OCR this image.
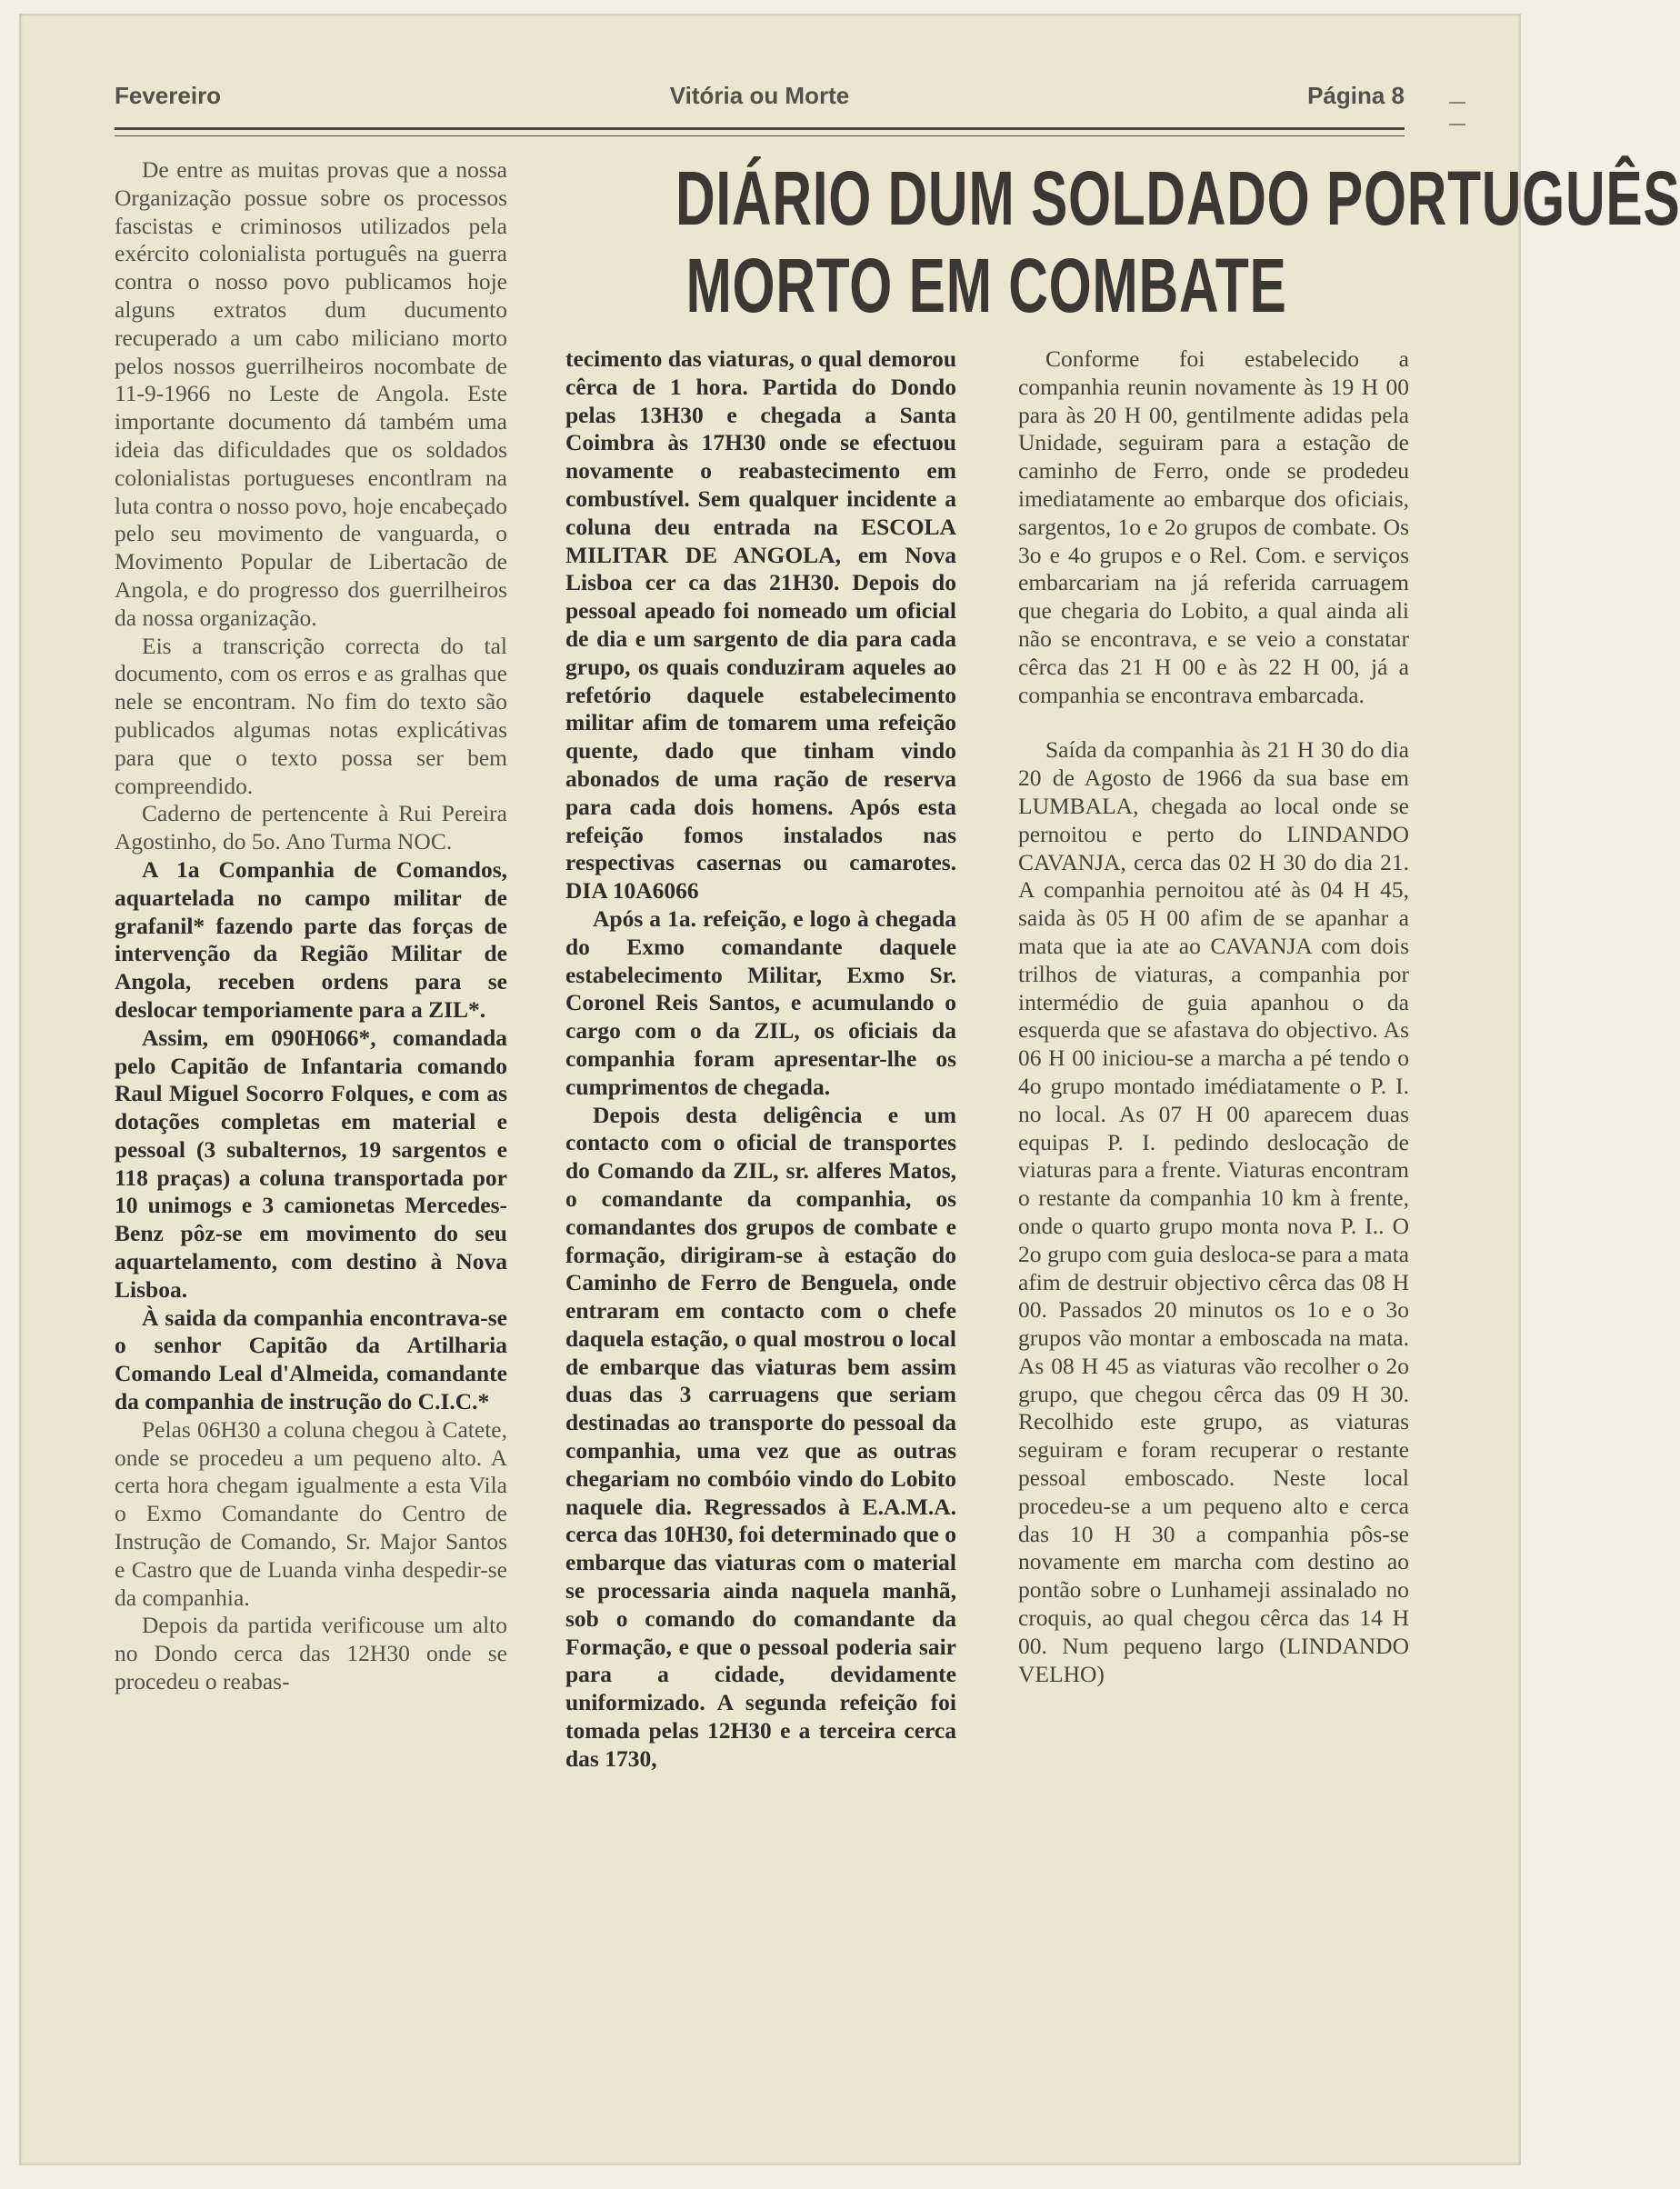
Fevereiro	Vitória ou Morte	Página 8
DIÁRIO DUM SOLDADO PORTUGUÊS
MORTO EM COMBATE

De entre as muitas provas que a nossa Organização possue sobre os processos fascistas e criminosos utilizados pela exército colonialista português na guerra contra o nosso povo publicamos hoje alguns extratos dum ducumento recuperado a um cabo miliciano morto pelos nossos guerrilheiros nocombate de 11-9-1966 no Leste de Angola. Este importante documento dá também uma ideia das dificuldades que os soldados colonialistas portugueses encontlram na luta contra o nosso povo, hoje encabeçado pelo seu movimento de vanguarda, o Movimento Popular de Libertacão de Angola, e do progresso dos guerrilheiros da nossa organização.

Eis a transcrição correcta do tal documento, com os erros e as gralhas que nele se encontram. No fim do texto são publicados algumas notas explicátivas para que o texto possa ser bem compreendido.

Caderno de pertencente à Rui Pereira Agostinho, do 5o. Ano Turma NOC.

A 1a Companhia de Comandos, aquartelada no campo militar de grafanil* fazendo parte das forças de intervenção da Região Militar de Angola, receben ordens para se deslocar temporiamente para a ZIL*.

Assim, em 090H066*, comandada pelo Capitão de Infantaria comando Raul Miguel Socorro Folques, e com as dotações completas em material e pessoal (3 subalternos, 19 sargentos e 118 praças) a coluna transportada por 10 unimogs e 3 camionetas Mercedes-Benz pôz-se em movimento do seu aquartelamento, com destino à Nova Lisboa.

À saida da companhia encontrava-se o senhor Capitão da Artilharia Comando Leal d'Almeida, comandante da companhia de instrução do C.I.C.*

Pelas 06H30 a coluna chegou à Catete, onde se procedeu a um pequeno alto. A certa hora chegam igualmente a esta Vila o Exmo Comandante do Centro de Instrução de Comando, Sr. Major Santos e Castro que de Luanda vinha despedir-se da companhia.

Depois da partida verificouse um alto no Dondo cerca das 12H30 onde se procedeu o reabas-

tecimento das viaturas, o qual demorou cêrca de 1 hora. Partida do Dondo pelas 13H30 e chegada a Santa Coimbra às 17H30 onde se efectuou novamente o reabastecimento em combustível. Sem qualquer incidente a coluna deu entrada na ESCOLA MILITAR DE ANGOLA, em Nova Lisboa cer ca das 21H30. Depois do pessoal apeado foi nomeado um oficial de dia e um sargento de dia para cada grupo, os quais conduziram aqueles ao refetório daquele estabelecimento militar afim de tomarem uma refeição quente, dado que tinham vindo abonados de uma ração de reserva para cada dois homens. Após esta refeição fomos instalados nas respectivas casernas ou camarotes. DIA 10A6066

Após a 1a. refeição, e logo à chegada do Exmo comandante daquele estabelecimento Militar, Exmo Sr. Coronel Reis Santos, e acumulando o cargo com o da ZIL, os oficiais da companhia foram apresentar-lhe os cumprimentos de chegada.

Depois desta deligência e um contacto com o oficial de transportes do Comando da ZIL, sr. alferes Matos, o comandante da companhia, os comandantes dos grupos de combate e formação, dirigiram-se à estação do Caminho de Ferro de Benguela, onde entraram em contacto com o chefe daquela estação, o qual mostrou o local de embarque das viaturas bem assim duas das 3 carruagens que seriam destinadas ao transporte do pessoal da companhia, uma vez que as outras chegariam no combóio vindo do Lobito naquele dia. Regressados à E.A.M.A. cerca das 10H30, foi determinado que o embarque das viaturas com o material se processaria ainda naquela manhã, sob o comando do comandante da Formação, e que o pessoal poderia sair para a cidade, devidamente uniformizado. A segunda refeição foi tomada pelas 12H30 e a terceira cerca das 1730,

Conforme foi estabelecido a companhia reunin novamente às 19 H 00 para às 20 H 00, gentilmente adidas pela Unidade, seguiram para a estação de caminho de Ferro, onde se prodedeu imediatamente ao embarque dos oficiais, sargentos, 1o e 2o grupos de combate. Os 3o e 4o grupos e o Rel. Com. e serviços embarcariam na já referida carruagem que chegaria do Lobito, a qual ainda ali não se encontrava, e se veio a constatar cêrca das 21 H 00 e às 22 H 00, já a companhia se encontrava embarcada.

Saída da companhia às 21 H 30 do dia 20 de Agosto de 1966 da sua base em LUMBALA, chegada ao local onde se pernoitou e perto do LINDANDO CAVANJA, cerca das 02 H 30 do dia 21. A companhia pernoitou até às 04 H 45, saida às 05 H 00 afim de se apanhar a mata que ia ate ao CAVANJA com dois trilhos de viaturas, a companhia por intermédio de guia apanhou o da esquerda que se afastava do objectivo. As 06 H 00 iniciou-se a marcha a pé tendo o 4o grupo montado imédiatamente o P. I. no local. As 07 H 00 aparecem duas equipas P. I. pedindo deslocação de viaturas para a frente. Viaturas encontram o restante da companhia 10 km à frente, onde o quarto grupo monta nova P. I.. O 2o grupo com guia desloca-se para a mata afim de destruir objectivo cêrca das 08 H 00. Passados 20 minutos os 1o e o 3o grupos vão montar a emboscada na mata. As 08 H 45 as viaturas vão recolher o 2o grupo, que chegou cêrca das 09 H 30. Recolhido este grupo, as viaturas seguiram e foram recuperar o restante pessoal emboscado. Neste local procedeu-se a um pequeno alto e cerca das 10 H 30 a companhia pôs-se novamente em marcha com destino ao pontão sobre o Lunhameji assinalado no croquis, ao qual chegou cêrca das 14 H 00. Num pequeno largo (LINDANDO VELHO)
